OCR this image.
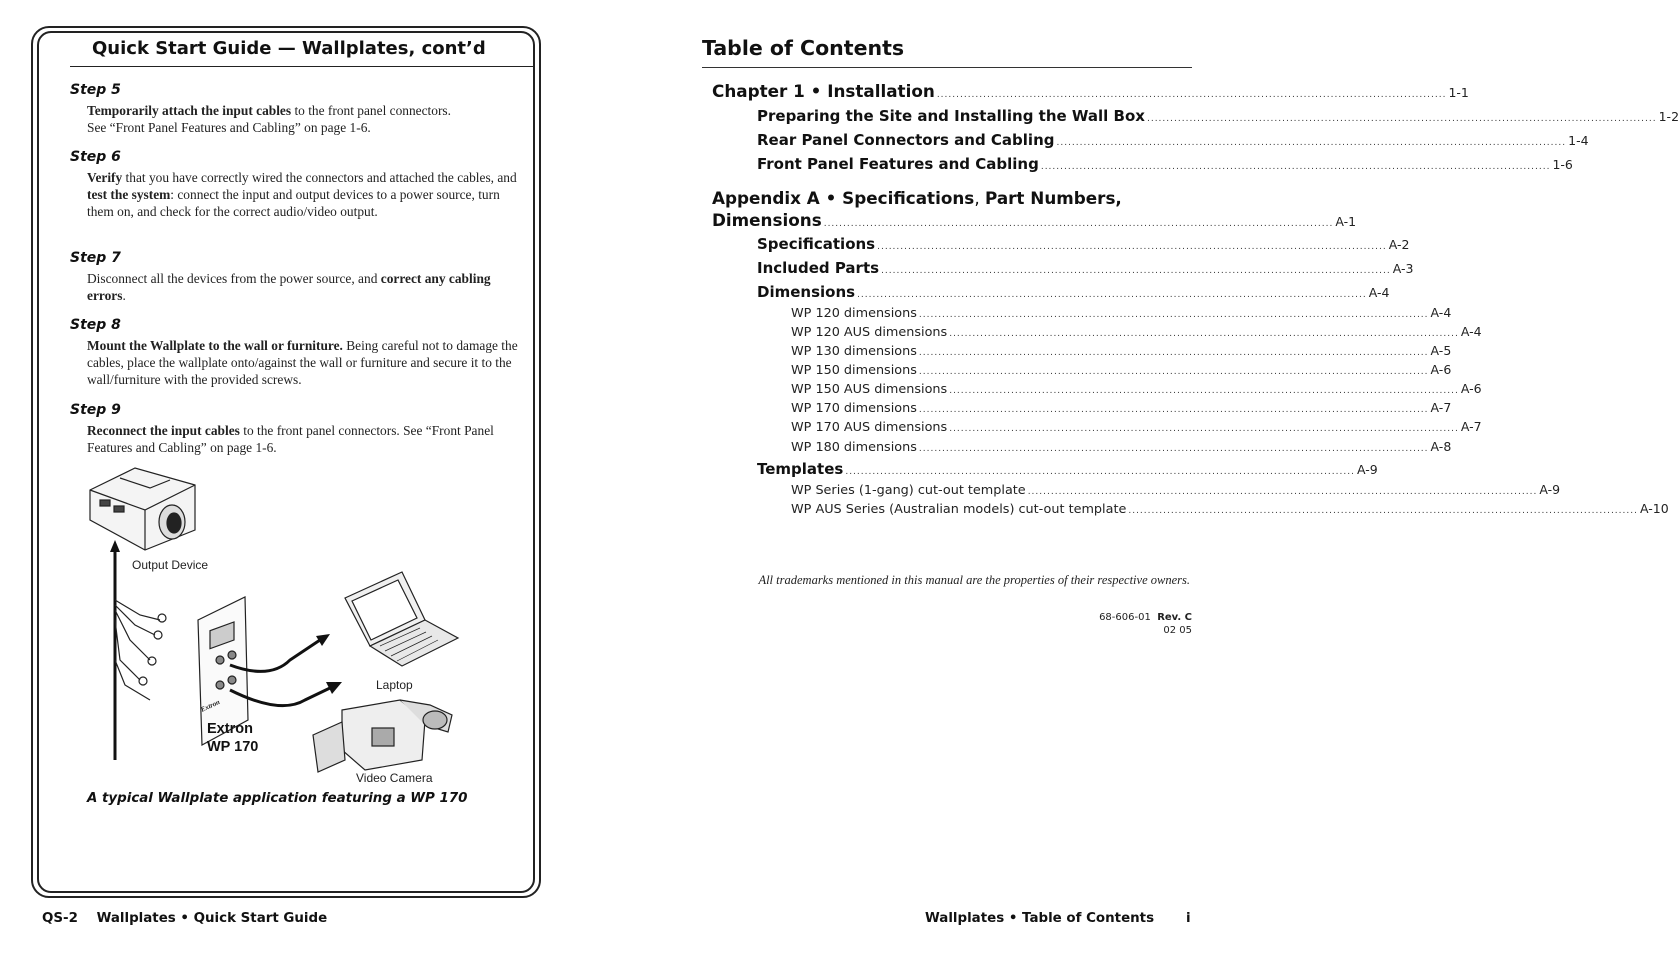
Quick Start Guide — Wallplates, cont’d
Step 5
Temporarily attach the input cables to the front panel connectors.
See “Front Panel Features and Cabling” on page 1-6.
Step 6
Verify that you have correctly wired the connectors and attached the cables, and test the system: connect the input and output devices to a power source, turn them on, and check for the correct audio/video output.
Step 7
Disconnect all the devices from the power source, and correct any cabling errors.
Step 8
Mount the Wallplate to the wall or furniture. Being careful not to damage the cables, place the wallplate onto/against the wall or furniture and secure it to the wall/furniture with the provided screws.
Step 9
Reconnect the input cables to the front panel connectors. See “Front Panel Features and Cabling” on page 1-6.
Extron
Output Device
Laptop
Video Camera
Extron
WP 170
A typical Wallplate application featuring a WP 170
QS-2 Wallplates • Quick Start Guide
Table of Contents
Chapter 1 • Installation .................................................................................................................................... 1-1
Preparing the Site and Installing the Wall Box .................................................................................................................................... 1-2
Rear Panel Connectors and Cabling .................................................................................................................................... 1-4
Front Panel Features and Cabling .................................................................................................................................... 1-6
Appendix A • Specifications, Part Numbers,
Dimensions .................................................................................................................................... A-1
Specifications .................................................................................................................................... A-2
Included Parts .................................................................................................................................... A-3
Dimensions .................................................................................................................................... A-4
WP 120 dimensions .................................................................................................................................... A-4
WP 120 AUS dimensions .................................................................................................................................... A-4
WP 130 dimensions .................................................................................................................................... A-5
WP 150 dimensions .................................................................................................................................... A-6
WP 150 AUS dimensions .................................................................................................................................... A-6
WP 170 dimensions .................................................................................................................................... A-7
WP 170 AUS dimensions .................................................................................................................................... A-7
WP 180 dimensions .................................................................................................................................... A-8
Templates .................................................................................................................................... A-9
WP Series (1-gang) cut-out template .................................................................................................................................... A-9
WP AUS Series (Australian models) cut-out template .................................................................................................................................... A-10
All trademarks mentioned in this manual are the properties of their respective owners.
68-606-01 Rev. C
02 05
Wallplates • Table of Contents i
